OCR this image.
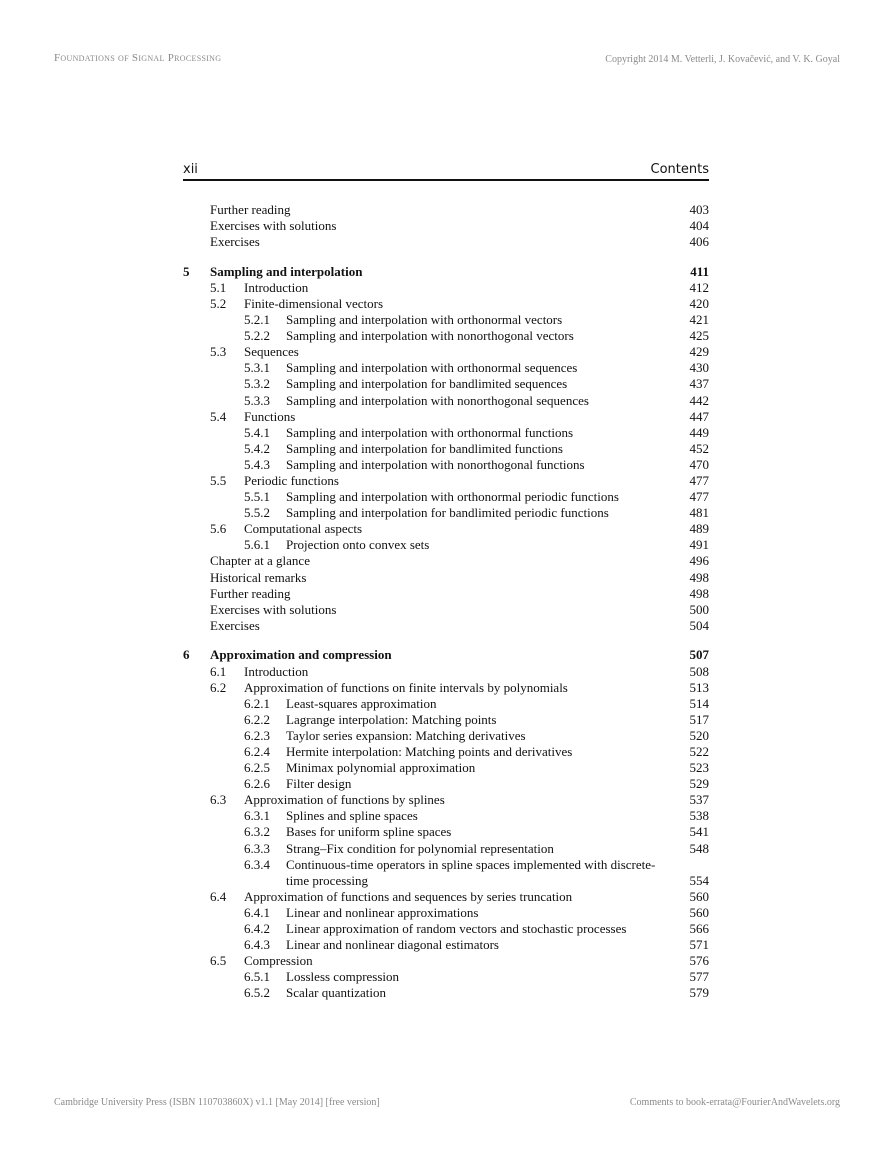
Foundations of Signal Processing	Copyright 2014 M. Vetterli, J. Kovačević, and V. K. Goyal
xii	Contents
Further reading	403
Exercises with solutions	404
Exercises	406
5 Sampling and interpolation	411
5.1 Introduction	412
5.2 Finite-dimensional vectors	420
5.2.1 Sampling and interpolation with orthonormal vectors	421
5.2.2 Sampling and interpolation with nonorthogonal vectors	425
5.3 Sequences	429
5.3.1 Sampling and interpolation with orthonormal sequences	430
5.3.2 Sampling and interpolation for bandlimited sequences	437
5.3.3 Sampling and interpolation with nonorthogonal sequences	442
5.4 Functions	447
5.4.1 Sampling and interpolation with orthonormal functions	449
5.4.2 Sampling and interpolation for bandlimited functions	452
5.4.3 Sampling and interpolation with nonorthogonal functions	470
5.5 Periodic functions	477
5.5.1 Sampling and interpolation with orthonormal periodic functions	477
5.5.2 Sampling and interpolation for bandlimited periodic functions	481
5.6 Computational aspects	489
5.6.1 Projection onto convex sets	491
Chapter at a glance	496
Historical remarks	498
Further reading	498
Exercises with solutions	500
Exercises	504
6 Approximation and compression	507
6.1 Introduction	508
6.2 Approximation of functions on finite intervals by polynomials	513
6.2.1 Least-squares approximation	514
6.2.2 Lagrange interpolation: Matching points	517
6.2.3 Taylor series expansion: Matching derivatives	520
6.2.4 Hermite interpolation: Matching points and derivatives	522
6.2.5 Minimax polynomial approximation	523
6.2.6 Filter design	529
6.3 Approximation of functions by splines	537
6.3.1 Splines and spline spaces	538
6.3.2 Bases for uniform spline spaces	541
6.3.3 Strang–Fix condition for polynomial representation	548
6.3.4 Continuous-time operators in spline spaces implemented with discrete-
time processing	554
6.4 Approximation of functions and sequences by series truncation	560
6.4.1 Linear and nonlinear approximations	560
6.4.2 Linear approximation of random vectors and stochastic processes	566
6.4.3 Linear and nonlinear diagonal estimators	571
6.5 Compression	576
6.5.1 Lossless compression	577
6.5.2 Scalar quantization	579
Cambridge University Press (ISBN 110703860X) v1.1 [May 2014] [free version]	Comments to book-errata@FourierAndWavelets.org
